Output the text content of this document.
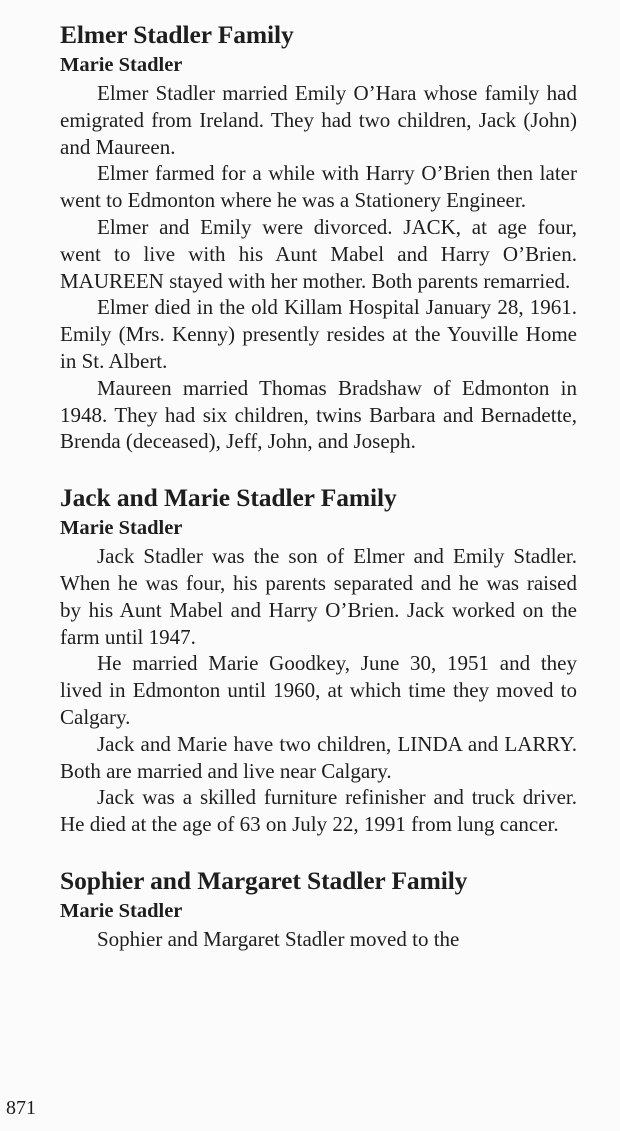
Elmer Stadler Family
Marie Stadler

Elmer Stadler married Emily O’Hara whose family had emigrated from Ireland. They had two children, Jack (John) and Maureen.

Elmer farmed for a while with Harry O’Brien then later went to Edmonton where he was a Stationery Engineer.

Elmer and Emily were divorced. JACK, at age four, went to live with his Aunt Mabel and Harry O’Brien. MAUREEN stayed with her mother. Both parents remarried.

Elmer died in the old Killam Hospital January 28, 1961. Emily (Mrs. Kenny) presently resides at the Youville Home in St. Albert.

Maureen married Thomas Bradshaw of Edmonton in 1948. They had six children, twins Barbara and Bernadette, Brenda (deceased), Jeff, John, and Joseph.

Jack and Marie Stadler Family
Marie Stadler

Jack Stadler was the son of Elmer and Emily Stadler. When he was four, his parents separated and he was raised by his Aunt Mabel and Harry O’Brien. Jack worked on the farm until 1947.

He married Marie Goodkey, June 30, 1951 and they lived in Edmonton until 1960, at which time they moved to Calgary.

Jack and Marie have two children, LINDA and LARRY. Both are married and live near Calgary.

Jack was a skilled furniture refinisher and truck driver. He died at the age of 63 on July 22, 1991 from lung cancer.

Sophier and Margaret Stadler Family
Marie Stadler

Sophier and Margaret Stadler moved to the

871
